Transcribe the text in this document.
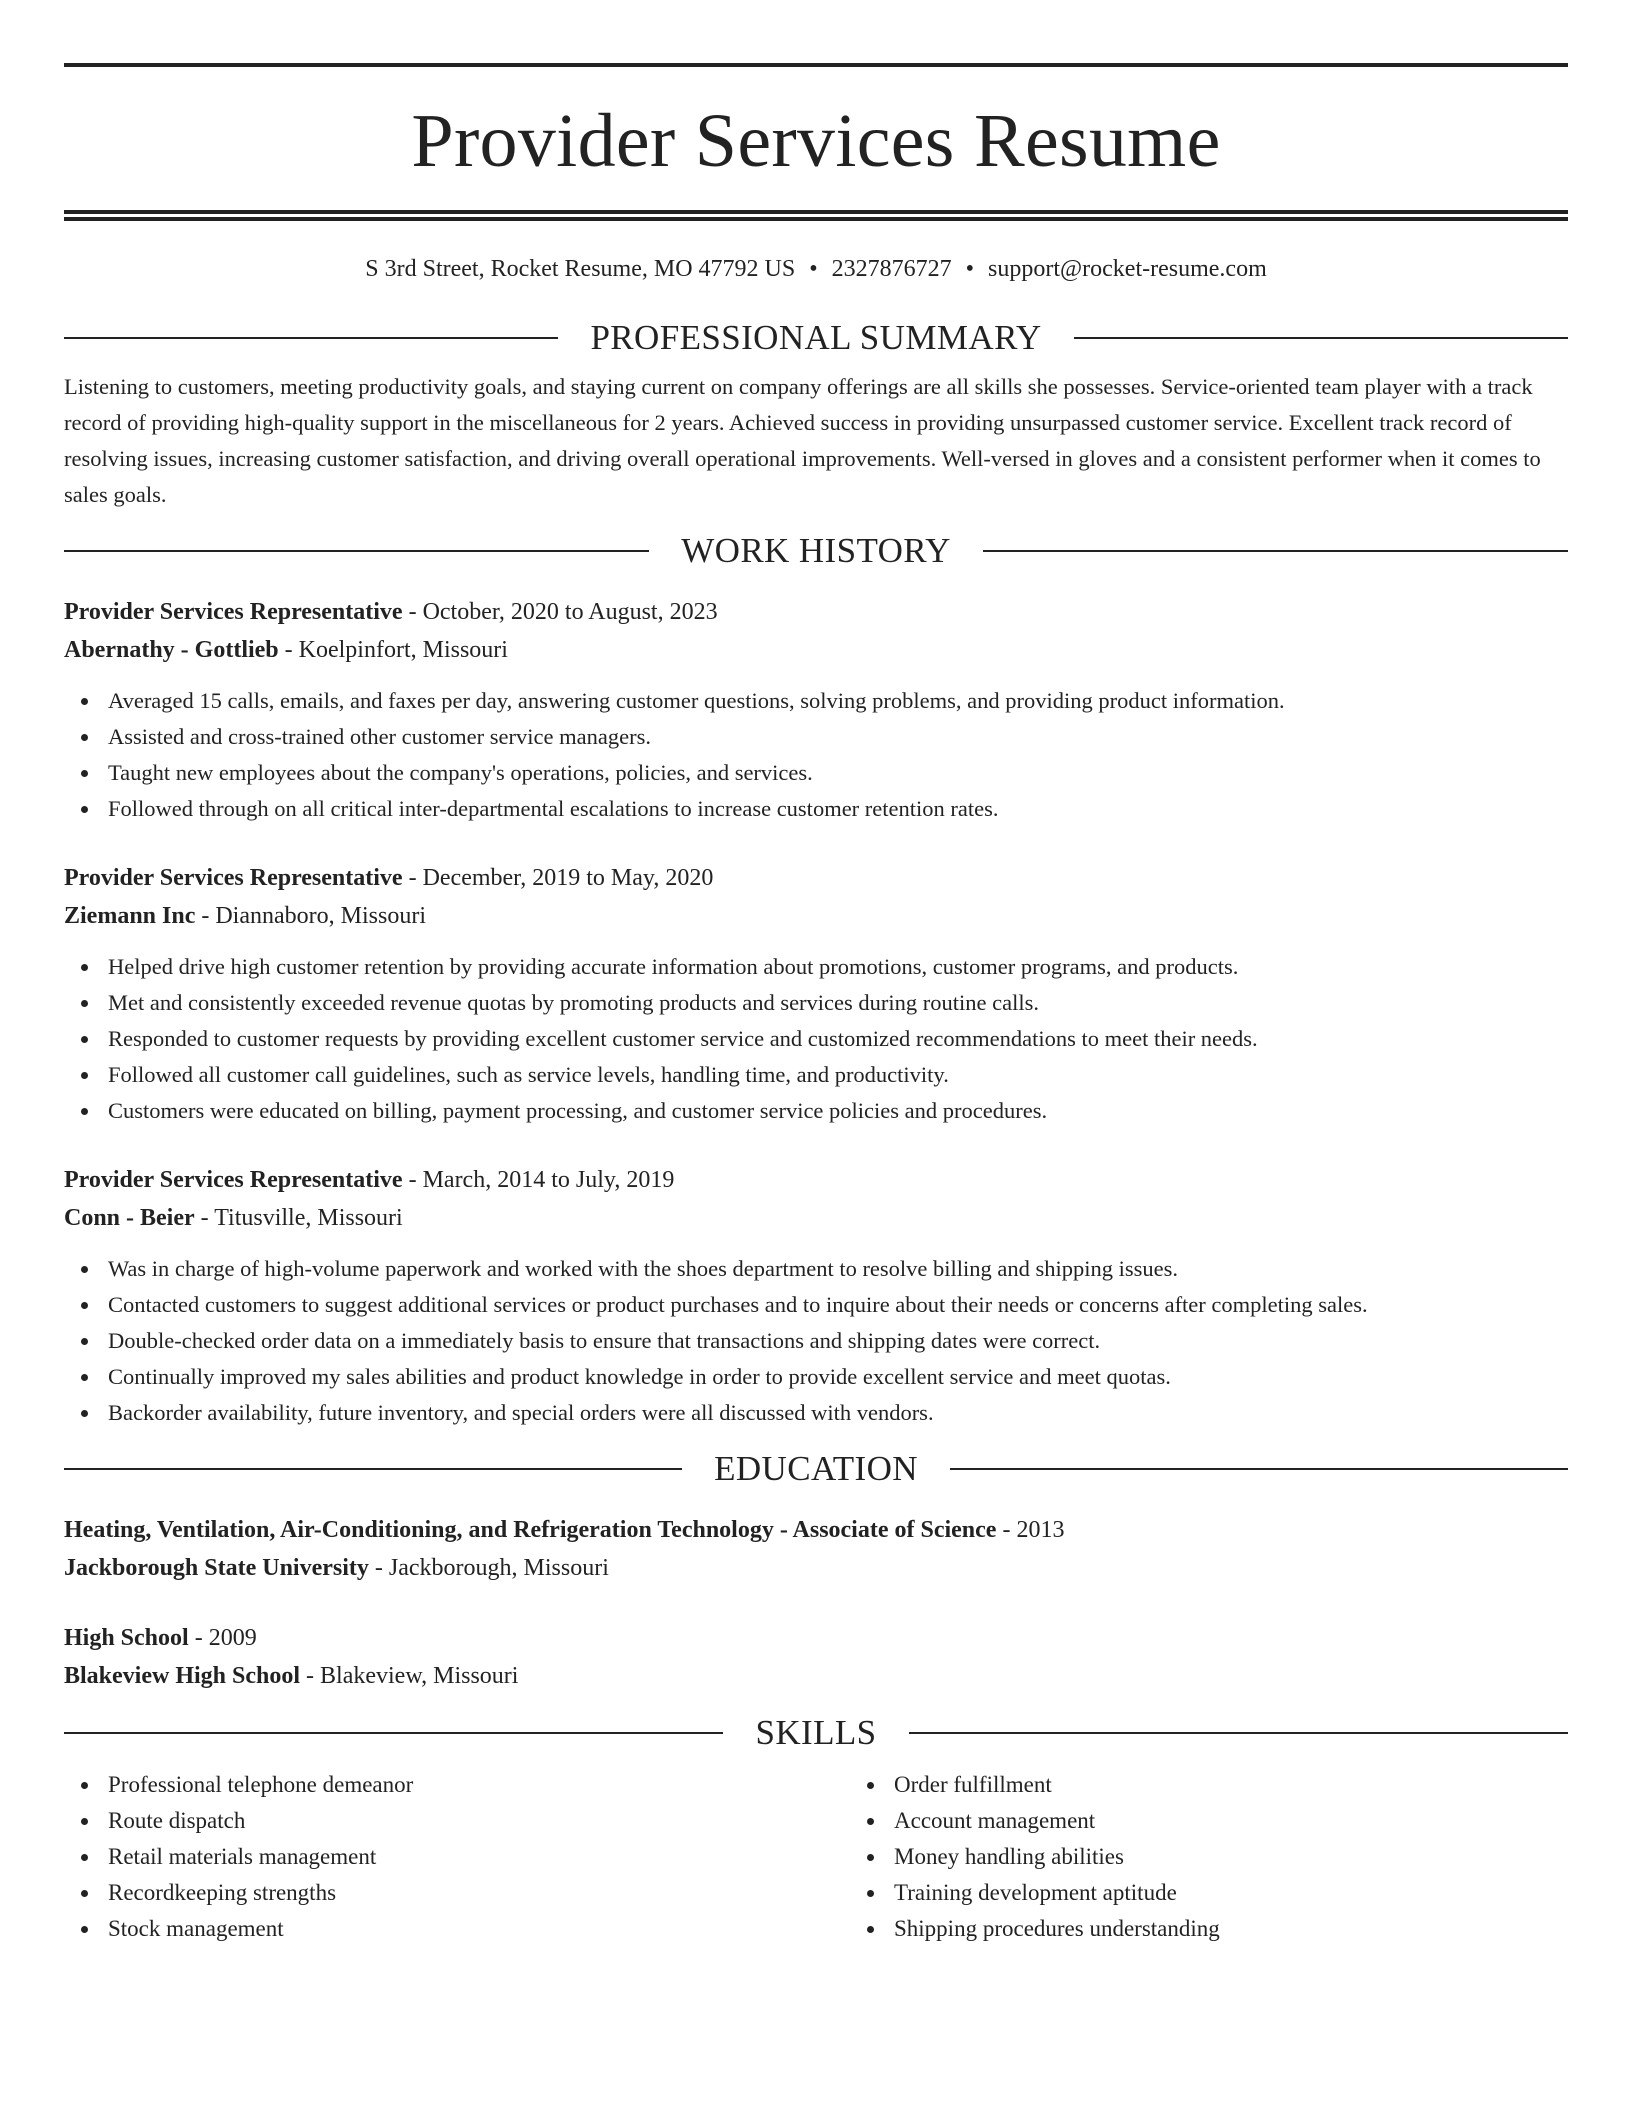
Provider Services Resume
S 3rd Street, Rocket Resume, MO 47792 US • 2327876727 • support@rocket-resume.com
PROFESSIONAL SUMMARY
Listening to customers, meeting productivity goals, and staying current on company offerings are all skills she possesses. Service-oriented team player with a track record of providing high-quality support in the miscellaneous for 2 years. Achieved success in providing unsurpassed customer service. Excellent track record of resolving issues, increasing customer satisfaction, and driving overall operational improvements. Well-versed in gloves and a consistent performer when it comes to sales goals.
WORK HISTORY
Provider Services Representative - October, 2020 to August, 2023
Abernathy - Gottlieb - Koelpinfort, Missouri
Averaged 15 calls, emails, and faxes per day, answering customer questions, solving problems, and providing product information.
Assisted and cross-trained other customer service managers.
Taught new employees about the company's operations, policies, and services.
Followed through on all critical inter-departmental escalations to increase customer retention rates.
Provider Services Representative - December, 2019 to May, 2020
Ziemann Inc - Diannaboro, Missouri
Helped drive high customer retention by providing accurate information about promotions, customer programs, and products.
Met and consistently exceeded revenue quotas by promoting products and services during routine calls.
Responded to customer requests by providing excellent customer service and customized recommendations to meet their needs.
Followed all customer call guidelines, such as service levels, handling time, and productivity.
Customers were educated on billing, payment processing, and customer service policies and procedures.
Provider Services Representative - March, 2014 to July, 2019
Conn - Beier - Titusville, Missouri
Was in charge of high-volume paperwork and worked with the shoes department to resolve billing and shipping issues.
Contacted customers to suggest additional services or product purchases and to inquire about their needs or concerns after completing sales.
Double-checked order data on a immediately basis to ensure that transactions and shipping dates were correct.
Continually improved my sales abilities and product knowledge in order to provide excellent service and meet quotas.
Backorder availability, future inventory, and special orders were all discussed with vendors.
EDUCATION
Heating, Ventilation, Air-Conditioning, and Refrigeration Technology - Associate of Science - 2013
Jackborough State University - Jackborough, Missouri
High School - 2009
Blakeview High School - Blakeview, Missouri
SKILLS
Professional telephone demeanor
Route dispatch
Retail materials management
Recordkeeping strengths
Stock management
Order fulfillment
Account management
Money handling abilities
Training development aptitude
Shipping procedures understanding
